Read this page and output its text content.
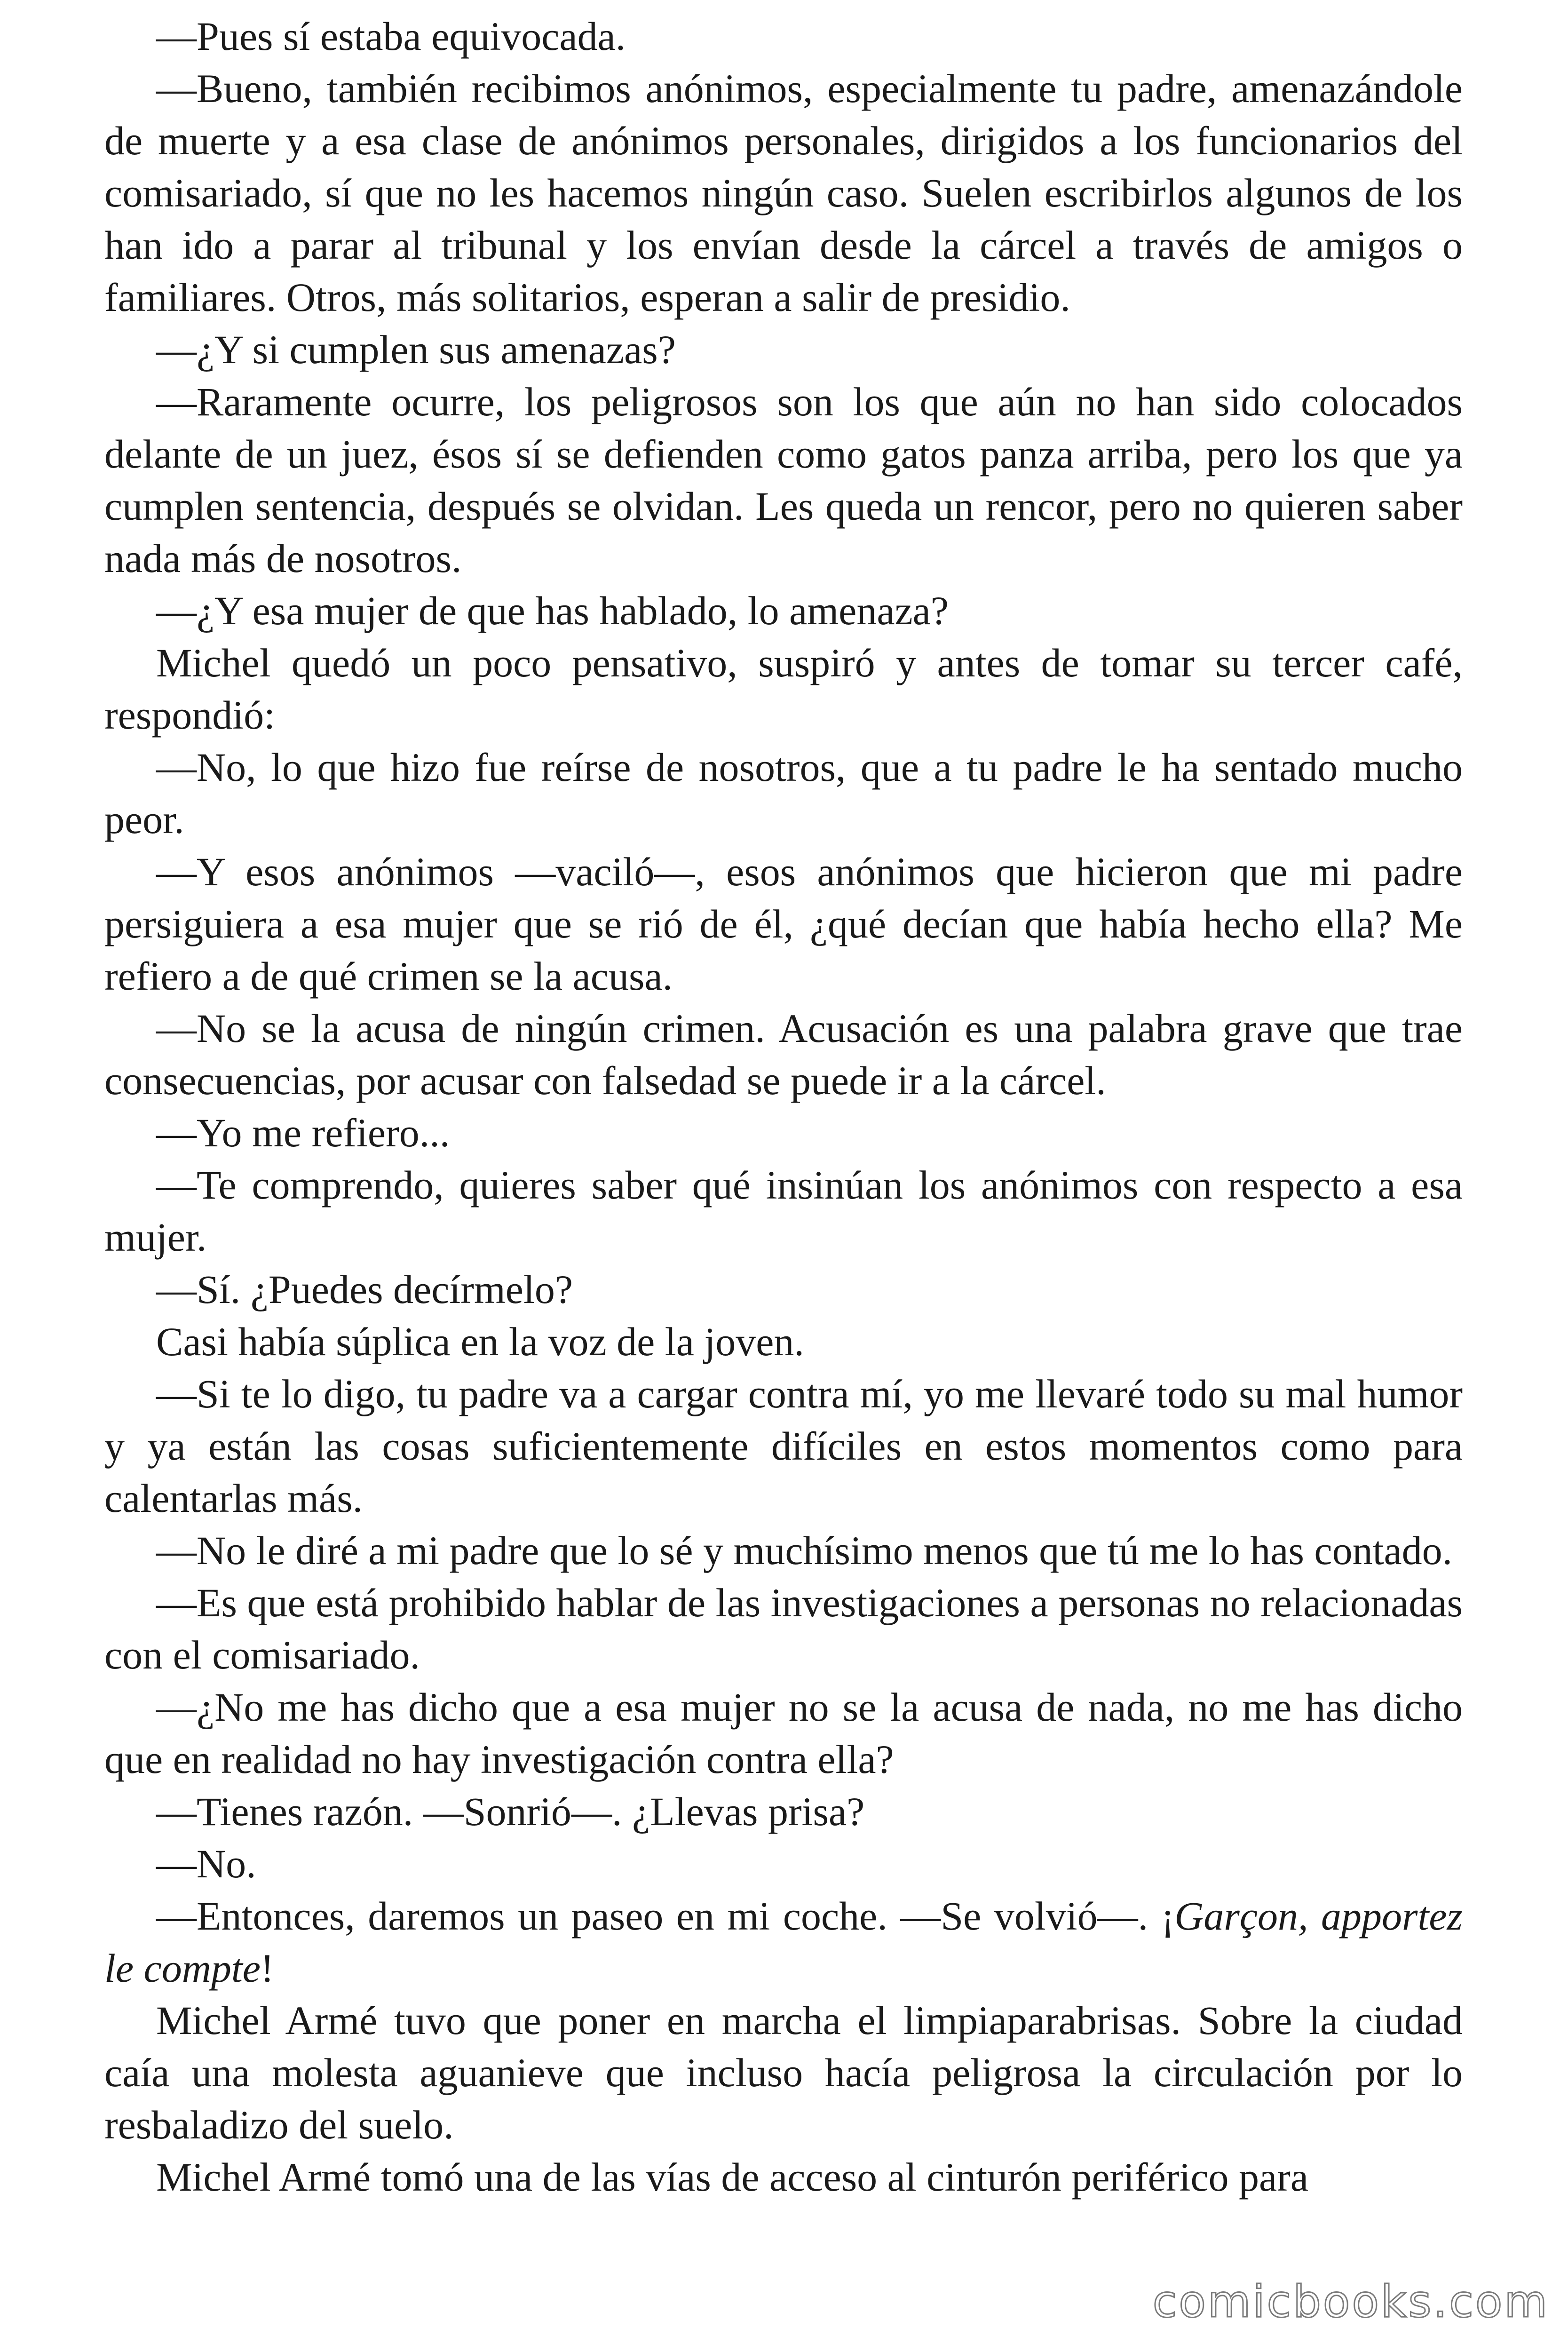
—Pues sí estaba equivocada.

—Bueno, también recibimos anónimos, especialmente tu padre, amenazándole de muerte y a esa clase de anónimos personales, dirigidos a los funcionarios del comisariado, sí que no les hacemos ningún caso. Suelen escribirlos algunos de los han ido a parar al tribunal y los envían desde la cárcel a través de amigos o familiares. Otros, más solitarios, esperan a salir de presidio.

—¿Y si cumplen sus amenazas?

—Raramente ocurre, los peligrosos son los que aún no han sido colocados delante de un juez, ésos sí se defienden como gatos panza arriba, pero los que ya cumplen sentencia, después se olvidan. Les queda un rencor, pero no quieren saber nada más de nosotros.

—¿Y esa mujer de que has hablado, lo amenaza?

Michel quedó un poco pensativo, suspiró y antes de tomar su tercer café, respondió:

—No, lo que hizo fue reírse de nosotros, que a tu padre le ha sentado mucho peor.

—Y esos anónimos —vaciló—, esos anónimos que hicieron que mi padre persiguiera a esa mujer que se rió de él, ¿qué decían que había hecho ella? Me refiero a de qué crimen se la acusa.

—No se la acusa de ningún crimen. Acusación es una palabra grave que trae consecuencias, por acusar con falsedad se puede ir a la cárcel.

—Yo me refiero...

—Te comprendo, quieres saber qué insinúan los anónimos con respecto a esa mujer.

—Sí. ¿Puedes decírmelo?

Casi había súplica en la voz de la joven.

—Si te lo digo, tu padre va a cargar contra mí, yo me llevaré todo su mal humor y ya están las cosas suficientemente difíciles en estos momentos como para calentarlas más.

—No le diré a mi padre que lo sé y muchísimo menos que tú me lo has contado.

—Es que está prohibido hablar de las investigaciones a personas no relacionadas con el comisariado.

—¿No me has dicho que a esa mujer no se la acusa de nada, no me has dicho que en realidad no hay investigación contra ella?

—Tienes razón. —Sonrió—. ¿Llevas prisa?

—No.

—Entonces, daremos un paseo en mi coche. —Se volvió—. ¡Garçon, apportez le compte!

Michel Armé tuvo que poner en marcha el limpiaparabrisas. Sobre la ciudad caía una molesta aguanieve que incluso hacía peligrosa la circulación por lo resbaladizo del suelo.

Michel Armé tomó una de las vías de acceso al cinturón periférico para

comicbooks.com
